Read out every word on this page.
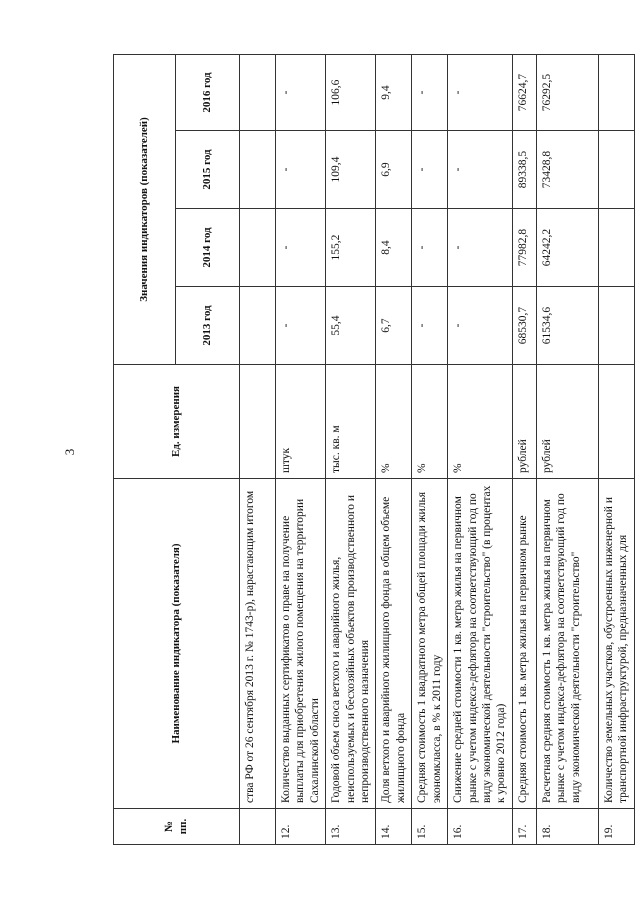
3
№
пп.	Наименование индикатора (показателя)	Ед. измерения	Значения индикаторов (показателей)			
			2013 год	2014 год	2015 год	2016 год
	ства РФ от 26 сентября 2013 г. № 1743-р), нарастающим итогом					
12.	Количество выданных сертификатов о праве на получение выплаты для приобретения жилого помещения на территории Сахалинской области	штук	-	-	-	-
13.	Годовой объем сноса ветхого и аварийного жилья, неиспользуемых и бесхозяйных объектов производственного и непроизводственного назначения	тыс. кв. м	55,4	155,2	109,4	106,6
14.	Доля ветхого и аварийного жилищного фонда в общем объеме жилищного фонда	%	6,7	8,4	6,9	9,4
15.	Средняя стоимость 1 квадратного метра общей площади жилья экономкласса, в % к 2011 году	%	-	-	-	-
16.	Снижение средней стоимости 1 кв. метра жилья на первичном рынке с учетом индекса-дефлятора на соответствующий год по виду экономической деятельности "строительство" (в процентах к уровню 2012 года)	%	-	-	-	-
17.	Средняя стоимость 1 кв. метра жилья на первичном рынке	рублей	68530,7	77982,8	89338,5	76624,7
18.	Расчетная средняя стоимость 1 кв. метра жилья на первичном рынке с учетом индекса-дефлятора на соответствующий год по виду экономической деятельности "строительство"	рублей	61534,6	64242,2	73428,8	76292,5
19.	Количество земельных участков, обустроенных инженерной и транспортной инфраструктурой, предназначенных для					
